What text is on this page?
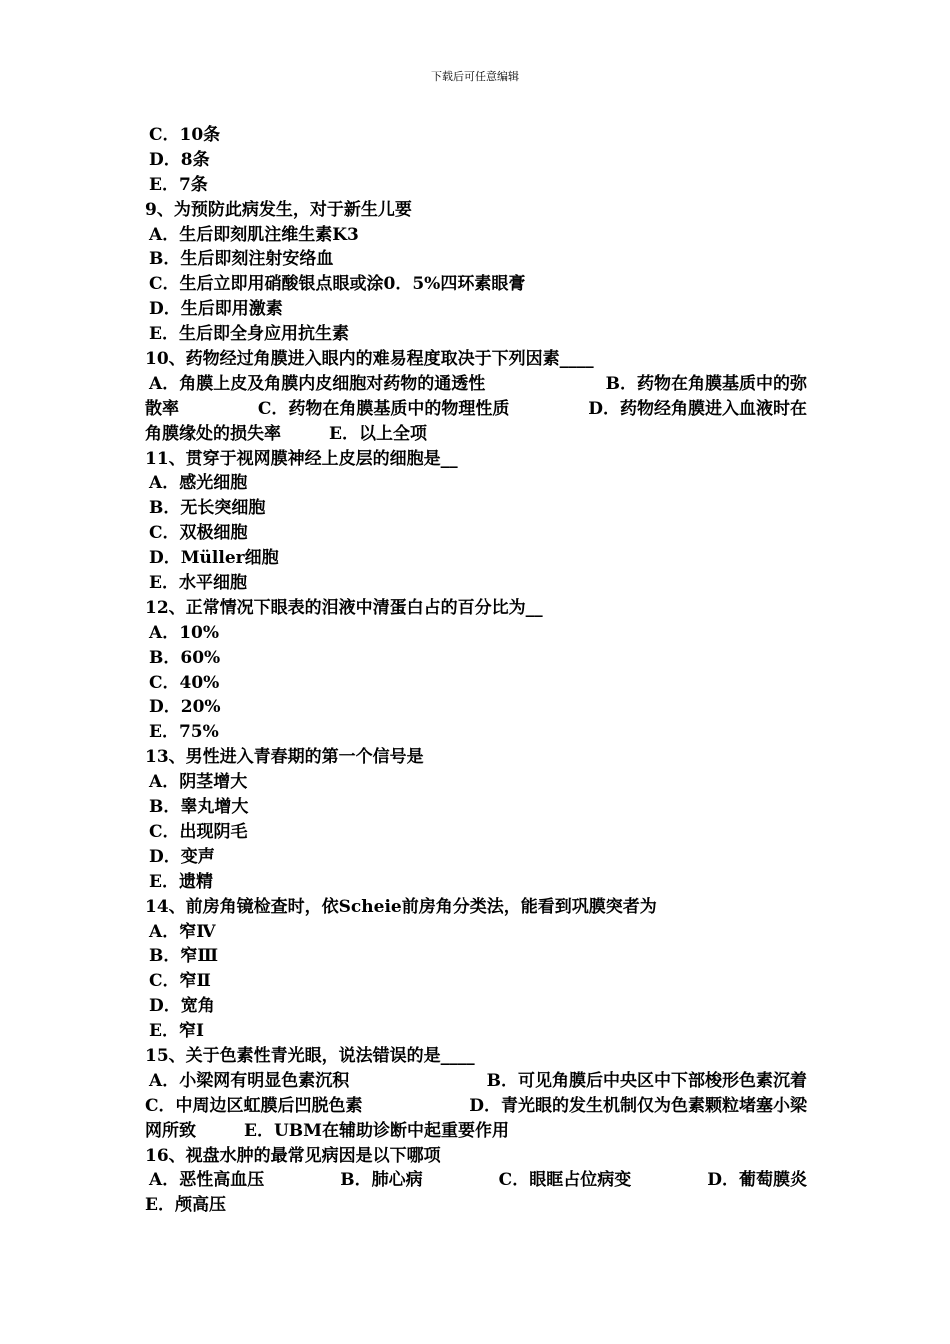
下载后可任意编辑
C．10条
D．8条
E．7条
9、为预防此病发生，对于新生儿要
A．生后即刻肌注维生素K3
B．生后即刻注射安络血
C．生后立即用硝酸银点眼或涂0．5%四环素眼膏
D．生后即用激素
E．生后即全身应用抗生素
10、药物经过角膜进入眼内的难易程度取决于下列因素____
A．角膜上皮及角膜内皮细胞对药物的通透性	B．药物在角膜基质中的弥
散率	C．药物在角膜基质中的物理性质	D．药物经角膜进入血液时在
角膜缘处的损失率	E．以上全项
11、贯穿于视网膜神经上皮层的细胞是__
A．感光细胞
B．无长突细胞
C．双极细胞
D．Müller细胞
E．水平细胞
12、正常情况下眼表的泪液中清蛋白占的百分比为__
A．10%
B．60%
C．40%
D．20%
E．75%
13、男性进入青春期的第一个信号是
A．阴茎增大
B．睾丸增大
C．出现阴毛
D．变声
E．遗精
14、前房角镜检查时，依Scheie前房角分类法，能看到巩膜突者为
A．窄Ⅳ
B．窄Ⅲ
C．窄Ⅱ
D．宽角
E．窄Ⅰ
15、关于色素性青光眼，说法错误的是____
A．小梁网有明显色素沉积	B．可见角膜后中央区中下部梭形色素沉着
C．中周边区虹膜后凹脱色素	D．青光眼的发生机制仅为色素颗粒堵塞小梁
网所致	E．UBM在辅助诊断中起重要作用
16、视盘水肿的最常见病因是以下哪项
A．恶性高血压	B．肺心病	C．眼眶占位病变	D．葡萄膜炎
E．颅高压
